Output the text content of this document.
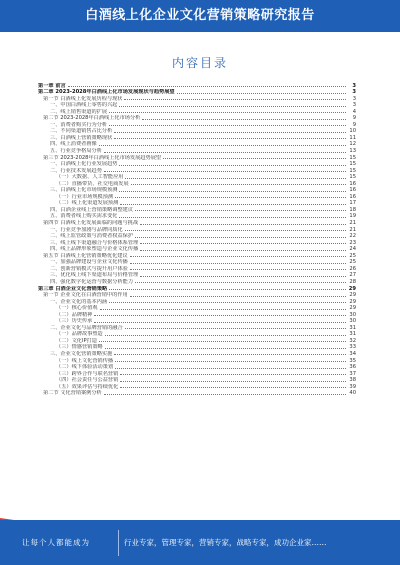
白酒线上化企业文化营销策略研究报告
内容目录
第一章 前言	3
第二章 2023-2028年白酒线上化市场发展现状与趋势展望	3
第一节 白酒线上化发展历程与现状	3
一、中国白酒线上零售的兴起	3
二、线上销售渠道的扩展	4
第二节 2023-2028年白酒线上化市场分析	9
一、消费者购买行为分析	9
二、不同渠道销售占比分析	10
三、白酒线上营销策略现状	11
四、线上消费者画像	12
五、行业竞争格局分析	13
第三节 2023-2028年白酒线上化市场发展趋势展望	15
一、白酒线上化行业发展趋势	15
二、行业技术发展趋势	15
（一）大数据、人工智能应用	15
（二）直播带货、社交电商发展	16
三、白酒线上化市场规模预测	16
（一）行业市场规模预测	16
（二）线上化渠道发展预测	17
四、白酒企业线上营销策略调整建议	18
五、消费者线上购买需求变化	19
第四节 白酒线上化发展面临的问题与挑战	21
一、行业竞争加剧与品牌同质化	21
二、线上监管政策与消费者权益保护	22
三、线上线下渠道融合与价格体系管理	23
四、线上品牌形象塑造与企业文化传播	24
第五节 白酒线上化营销策略优化建议	25
一、加强品牌建设与企业文化传播	25
二、创新营销模式与提升用户体验	26
三、优化线上线下渠道布局与价格管理	27
四、强化数字化运营与数据分析能力	28
第三章 白酒企业文化营销策略	29
第一节 企业文化在白酒营销中的作用	29
一、企业文化的基本内涵	29
（一）核心价值观	29
（二）品牌精神	30
（三）历史传承	30
二、企业文化与品牌营销的融合	31
（一）品牌故事塑造	31
（二）文化IP打造	32
（三）情感营销策略	33
三、企业文化营销策略实施	34
（一）线上文化营销传播	35
（二）线下体验活动策划	36
（三）跨界合作与联名营销	37
（四）社会责任与公益营销	38
（五）效果评估与持续优化	39
第二节 文化营销案例分析	40
让每个人都能成为	行业专家，管理专家，营销专家，战略专家，成功企业家……
